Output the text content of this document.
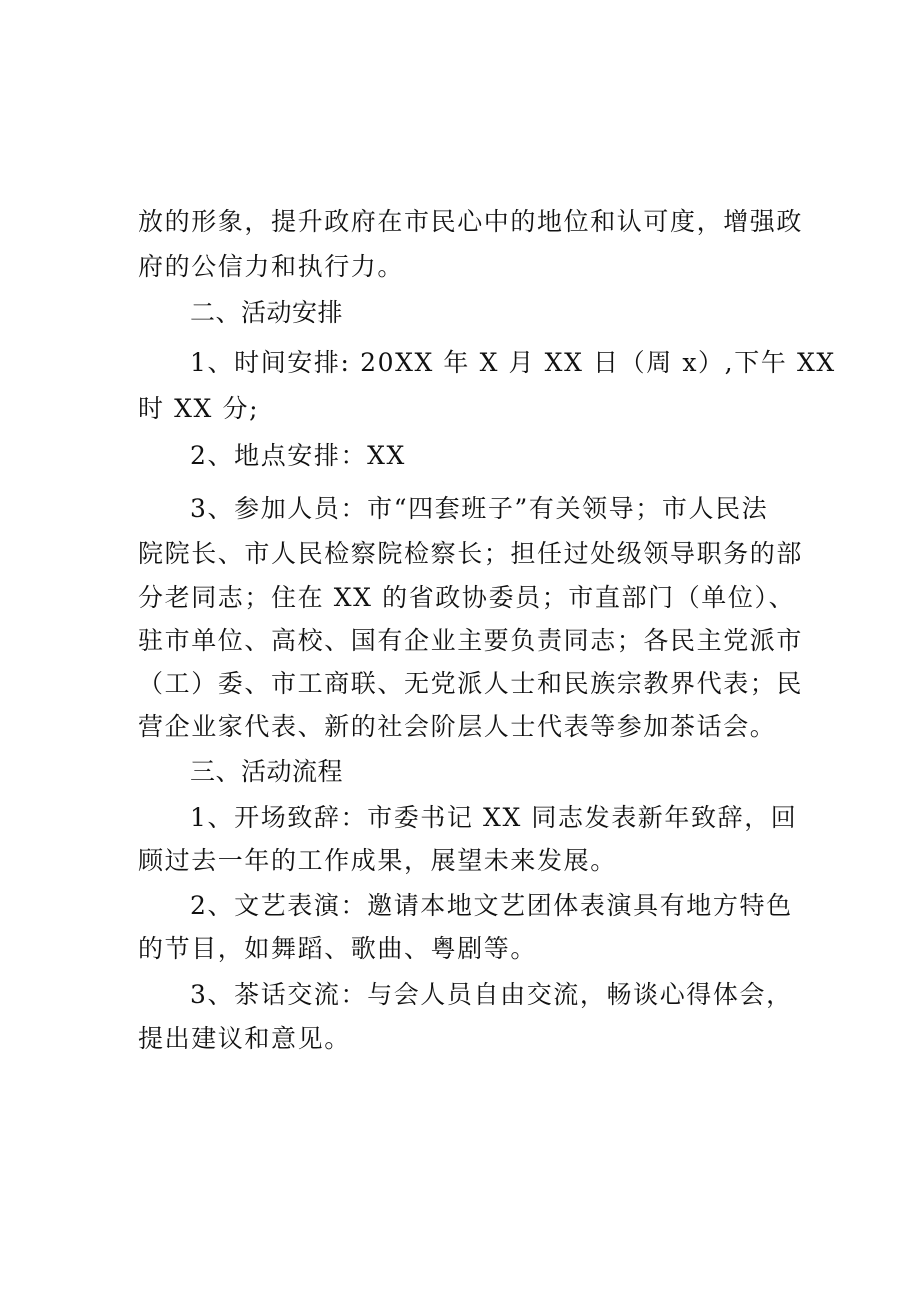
放的形象，提升政府在市民心中的地位和认可度，增强政
府的公信力和执行力。
二、活动安排
1、时间安排: 20XX 年 X 月 XX 日（周 x）,下午 XX
时 XX 分;
2、地点安排：XX
3、参加人员：市“四套班子”有关领导；市人民法
院院长、市人民检察院检察长；担任过处级领导职务的部
分老同志；住在 XX 的省政协委员；市直部门（单位）、
驻市单位、高校、国有企业主要负责同志；各民主党派市
（工）委、市工商联、无党派人士和民族宗教界代表；民
营企业家代表、新的社会阶层人士代表等参加茶话会。
三、活动流程
1、开场致辞：市委书记 XX 同志发表新年致辞，回
顾过去一年的工作成果，展望未来发展。
2、文艺表演：邀请本地文艺团体表演具有地方特色
的节目，如舞蹈、歌曲、粤剧等。
3、茶话交流：与会人员自由交流，畅谈心得体会，
提出建议和意见。
